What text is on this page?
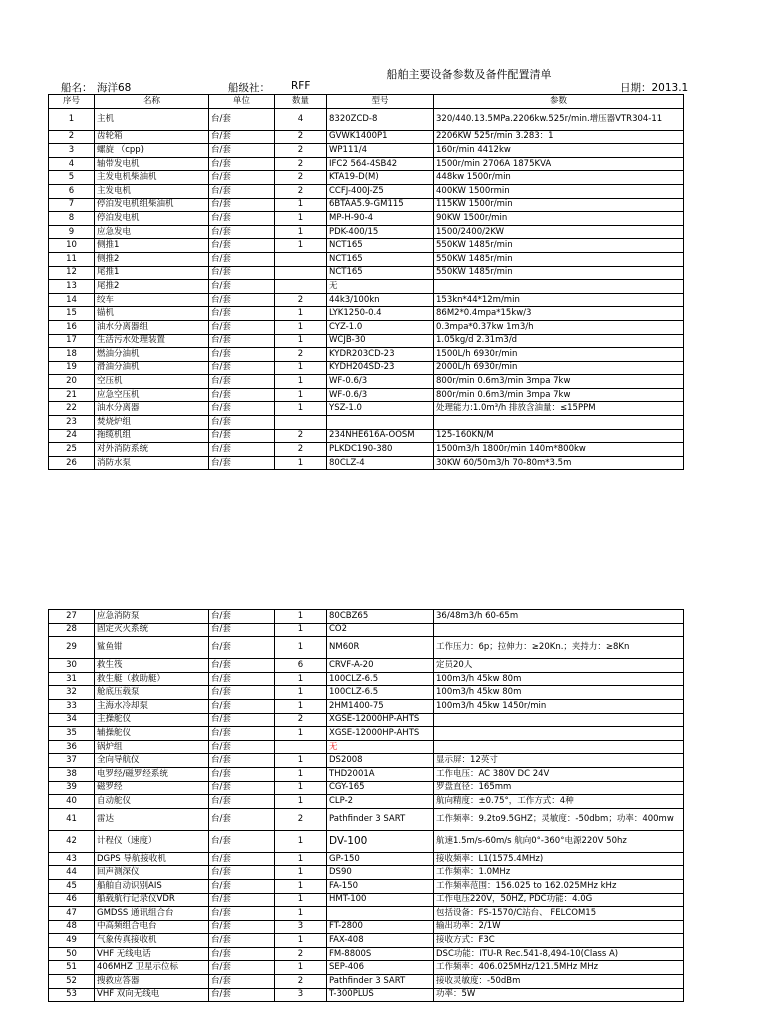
船舶主要设备参数及备件配置清单
船名： 海洋68	船级社： RFF	日期：2013.1
序号	名称	单位	数量	型号	参数
1	主机	台/套	4	8320ZCD-8	320/440.13.5MPa.2206kw.525r/min.增压器VTR304-11
2	齿轮箱	台/套	2	GVWK1400P1	2206KW 525r/min 3.283：1
3	螺旋 （cpp)	台/套	2	WP111/4	160r/min 4412kw
4	轴带发电机	台/套	2	IFC2 564-4SB42	1500r/min 2706A 1875KVA
5	主发电机柴油机	台/套	2	KTA19-D(M)	448kw 1500r/min
6	主发电机	台/套	2	CCFJ-400J-Z5	400KW 1500rmin
7	停泊发电机组柴油机	台/套	1	6BTAA5.9-GM115	115KW 1500r/min
8	停泊发电机	台/套	1	MP-H-90-4	90KW 1500r/min
9	应急发电	台/套	1	PDK-400/15	1500/2400/2KW
10	侧推1	台/套	1	NCT165	550KW 1485r/min
11	侧推2	台/套		NCT165	550KW 1485r/min
12	尾推1	台/套		NCT165	550KW 1485r/min
13	尾推2	台/套		无	
14	绞车	台/套	2	44k3/100kn	153kn*44*12m/min
15	锚机	台/套	1	LYK1250-0.4	86M2*0.4mpa*15kw/3
16	油水分离器组	台/套	1	CYZ-1.0	0.3mpa*0.37kw 1m3/h
17	生活污水处理装置	台/套	1	WCJB-30	1.05kg/d 2.31m3/d
18	燃油分油机	台/套	2	KYDR203CD-23	1500L/h 6930r/min
19	滑油分油机	台/套	1	KYDH204SD-23	2000L/h 6930r/min
20	空压机	台/套	1	WF-0.6/3	800r/min 0.6m3/min 3mpa 7kw
21	应急空压机	台/套	1	WF-0.6/3	800r/min 0.6m3/min 3mpa 7kw
22	油水分离器	台/套	1	YSZ-1.0	处理能力:1.0m³/h 排放含油量：≤15PPM
23	焚烧炉组	台/套			
24	拖缆机组	台/套	2	234NHE616A-OOSM	125-160KN/M
25	对外消防系统	台/套	2	PLKDC190-380	1500m3/h 1800r/min 140m*800kw
26	消防水泵	台/套	1	80CLZ-4	30KW 60/50m3/h 70-80m*3.5m
27	应急消防泵	台/套	1	80CBZ65	36/48m3/h 60-65m
28	固定灭火系统	台/套	1	CO2	
29	鲨鱼钳	台/套	1	NM60R	工作压力：6p；拉伸力：≥20Kn.；夹持力：≥8Kn
30	救生筏	台/套	6	CRVF-A-20	定员20人
31	救生艇（救助艇）	台/套	1	100CLZ-6.5	100m3/h 45kw 80m
32	舱底压载泵	台/套	1	100CLZ-6.5	100m3/h 45kw 80m
33	主海水冷却泵	台/套	1	2HM1400-75	100m3/h 45kw 1450r/min
34	主操舵仪	台/套	2	XGSE-12000HP-AHTS	
35	辅操舵仪	台/套	1	XGSE-12000HP-AHTS	
36	锅炉组	台/套		无	
37	全向导航仪	台/套	1	DS2008	显示屏：12英寸
38	电罗经/磁罗经系统	台/套	1	THD2001A	工作电压：AC 380V DC 24V
39	磁罗经	台/套	1	CGY-165	罗盘直径：165mm
40	自动舵仪	台/套	1	CLP-2	航向精度：±0.75°，工作方式：4种
41	雷达	台/套	2	Pathfinder 3 SART	工作频率：9.2to9.5GHZ；灵敏度：-50dbm；功率：400mw
42	计程仪（速度）	台/套	1	DV-100	航速1.5m/s-60m/s 航向0°-360°电源220V 50hz
43	DGPS 导航接收机	台/套	1	GP-150	接收频率：L1(1575.4MHz)
44	回声测深仪	台/套	1	DS90	工作频率：1.0MHz
45	船舶自动识别AIS	台/套	1	FA-150	工作频率范围：156.025 to 162.025MHz kHz
46	船载航行记录仪VDR	台/套	1	HMT-100	工作电压220V，50HZ, PDC功能：4.0G
47	GMDSS 通讯组合台	台/套	1		包括设备：FS-1570/C站台、 FELCOM15
48	中高频组合电台	台/套	3	FT-2800	输出功率：2/1W
49	气象传真接收机	台/套	1	FAX-408	接收方式：F3C
50	VHF 无线电话	台/套	2	FM-8800S	DSC功能：ITU-R Rec.541-8,494-10(Class A)
51	406MHZ 卫星示位标	台/套	1	SEP-406	工作频率：406.025MHz/121.5MHz MHz
52	搜救应答器	台/套	2	Pathfinder 3 SART	接收灵敏度：-50dBm
53	VHF 双向无线电	台/套	3	T-300PLUS	功率：5W
